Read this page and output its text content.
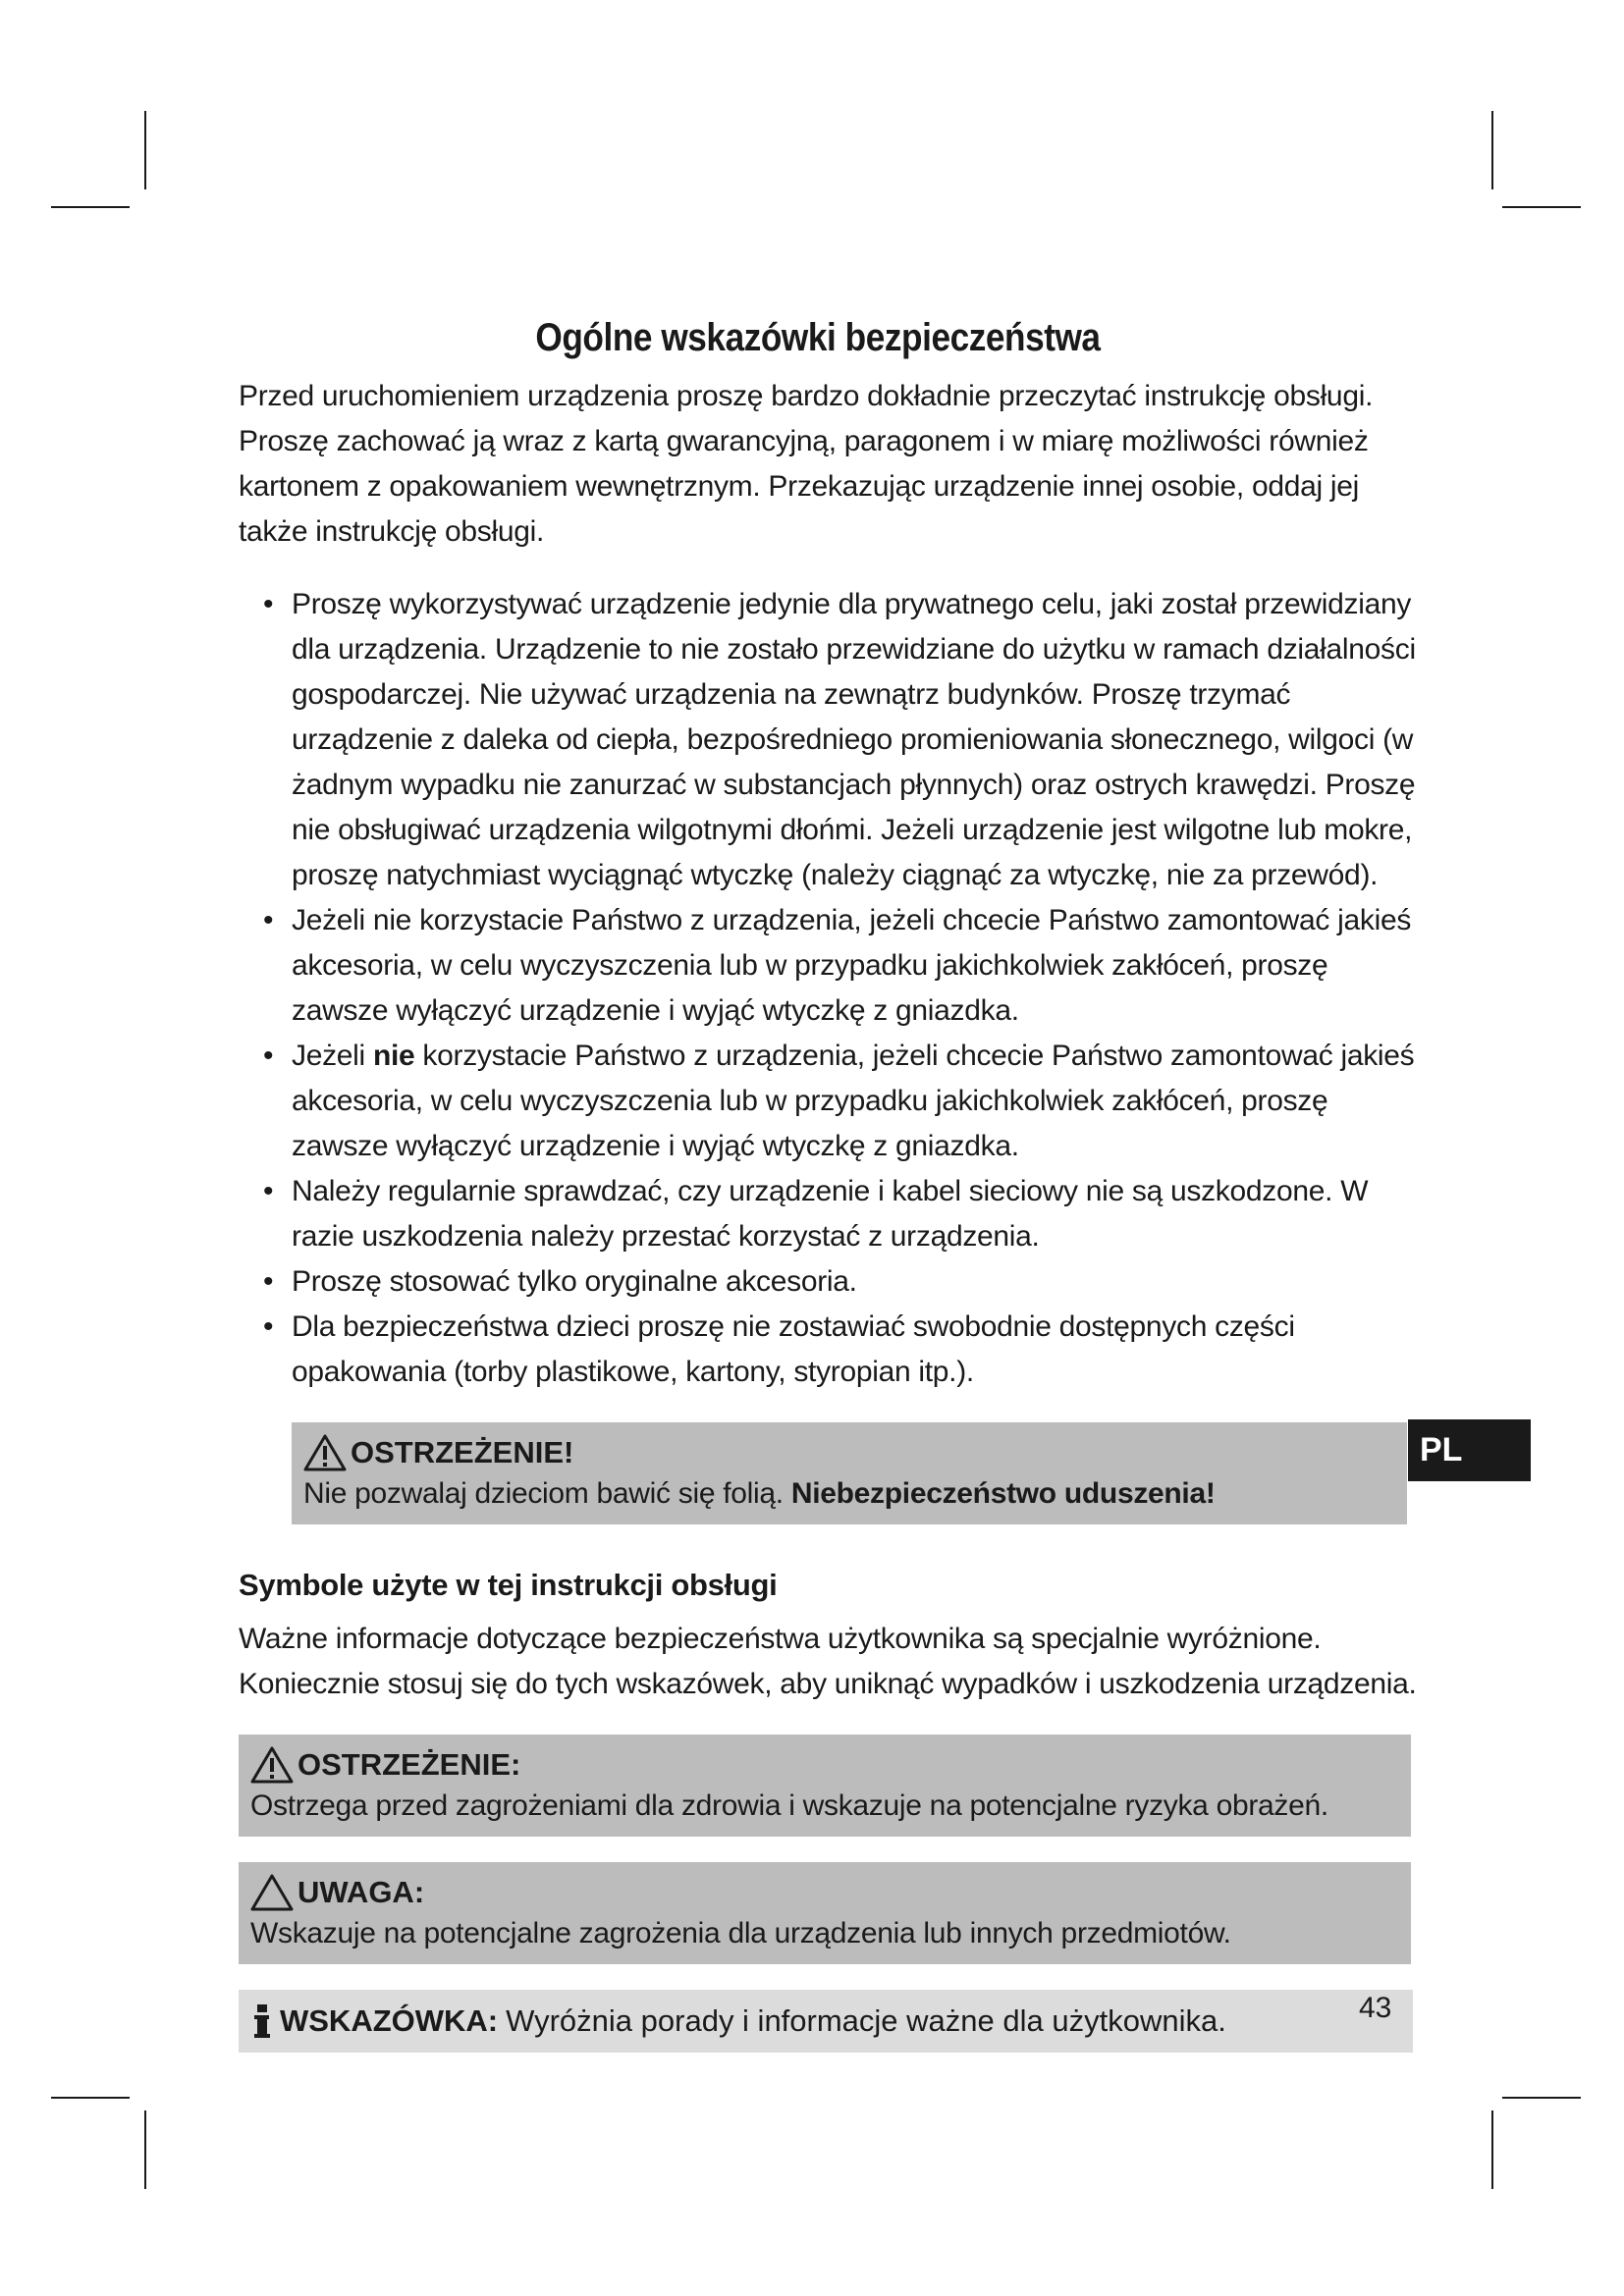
Ogólne wskazówki bezpieczeństwa

Przed uruchomieniem urządzenia proszę bardzo dokładnie przeczytać instrukcję obsługi. Proszę zachować ją wraz z kartą gwarancyjną, paragonem i w miarę możliwości również kartonem z opakowaniem wewnętrznym. Przekazując urządzenie innej osobie, oddaj jej także instrukcję obsługi.

• Proszę wykorzystywać urządzenie jedynie dla prywatnego celu, jaki został przewidziany dla urządzenia. Urządzenie to nie zostało przewidziane do użytku w ramach działalności gospodarczej. Nie używać urządzenia na zewnątrz budynków. Proszę trzymać urządzenie z daleka od ciepła, bezpośredniego promieniowania słonecznego, wilgoci (w żadnym wypadku nie zanurzać w substancjach płynnych) oraz ostrych krawędzi. Proszę nie obsługiwać urządzenia wilgotnymi dłońmi. Jeżeli urządzenie jest wilgotne lub mokre, proszę natychmiast wyciągnąć wtyczkę (należy ciągnąć za wtyczkę, nie za przewód).
• Jeżeli nie korzystacie Państwo z urządzenia, jeżeli chcecie Państwo zamontować jakieś akcesoria, w celu wyczyszczenia lub w przypadku jakichkolwiek zakłóceń, proszę zawsze wyłączyć urządzenie i wyjąć wtyczkę z gniazdka.
• Jeżeli nie korzystacie Państwo z urządzenia, jeżeli chcecie Państwo zamontować jakieś akcesoria, w celu wyczyszczenia lub w przypadku jakichkolwiek zakłóceń, proszę zawsze wyłączyć urządzenie i wyjąć wtyczkę z gniazdka.
• Należy regularnie sprawdzać, czy urządzenie i kabel sieciowy nie są uszkodzone. W razie uszkodzenia należy przestać korzystać z urządzenia.
• Proszę stosować tylko oryginalne akcesoria.
• Dla bezpieczeństwa dzieci proszę nie zostawiać swobodnie dostępnych części opakowania (torby plastikowe, kartony, styropian itp.).
OSTRZEŻENIE!
Nie pozwalaj dzieciom bawić się folią. Niebezpieczeństwo uduszenia!
Symbole użyte w tej instrukcji obsługi

Ważne informacje dotyczące bezpieczeństwa użytkownika są specjalnie wyróżnione. Koniecznie stosuj się do tych wskazówek, aby uniknąć wypadków i uszkodzenia urządzenia.

OSTRZEŻENIE:
Ostrzega przed zagrożeniami dla zdrowia i wskazuje na potencjalne ryzyka obrażeń.
UWAGA:
Wskazuje na potencjalne zagrożenia dla urządzenia lub innych przedmiotów.
WSKAZÓWKA: Wyróżnia porady i informacje ważne dla użytkownika.
PL
43
